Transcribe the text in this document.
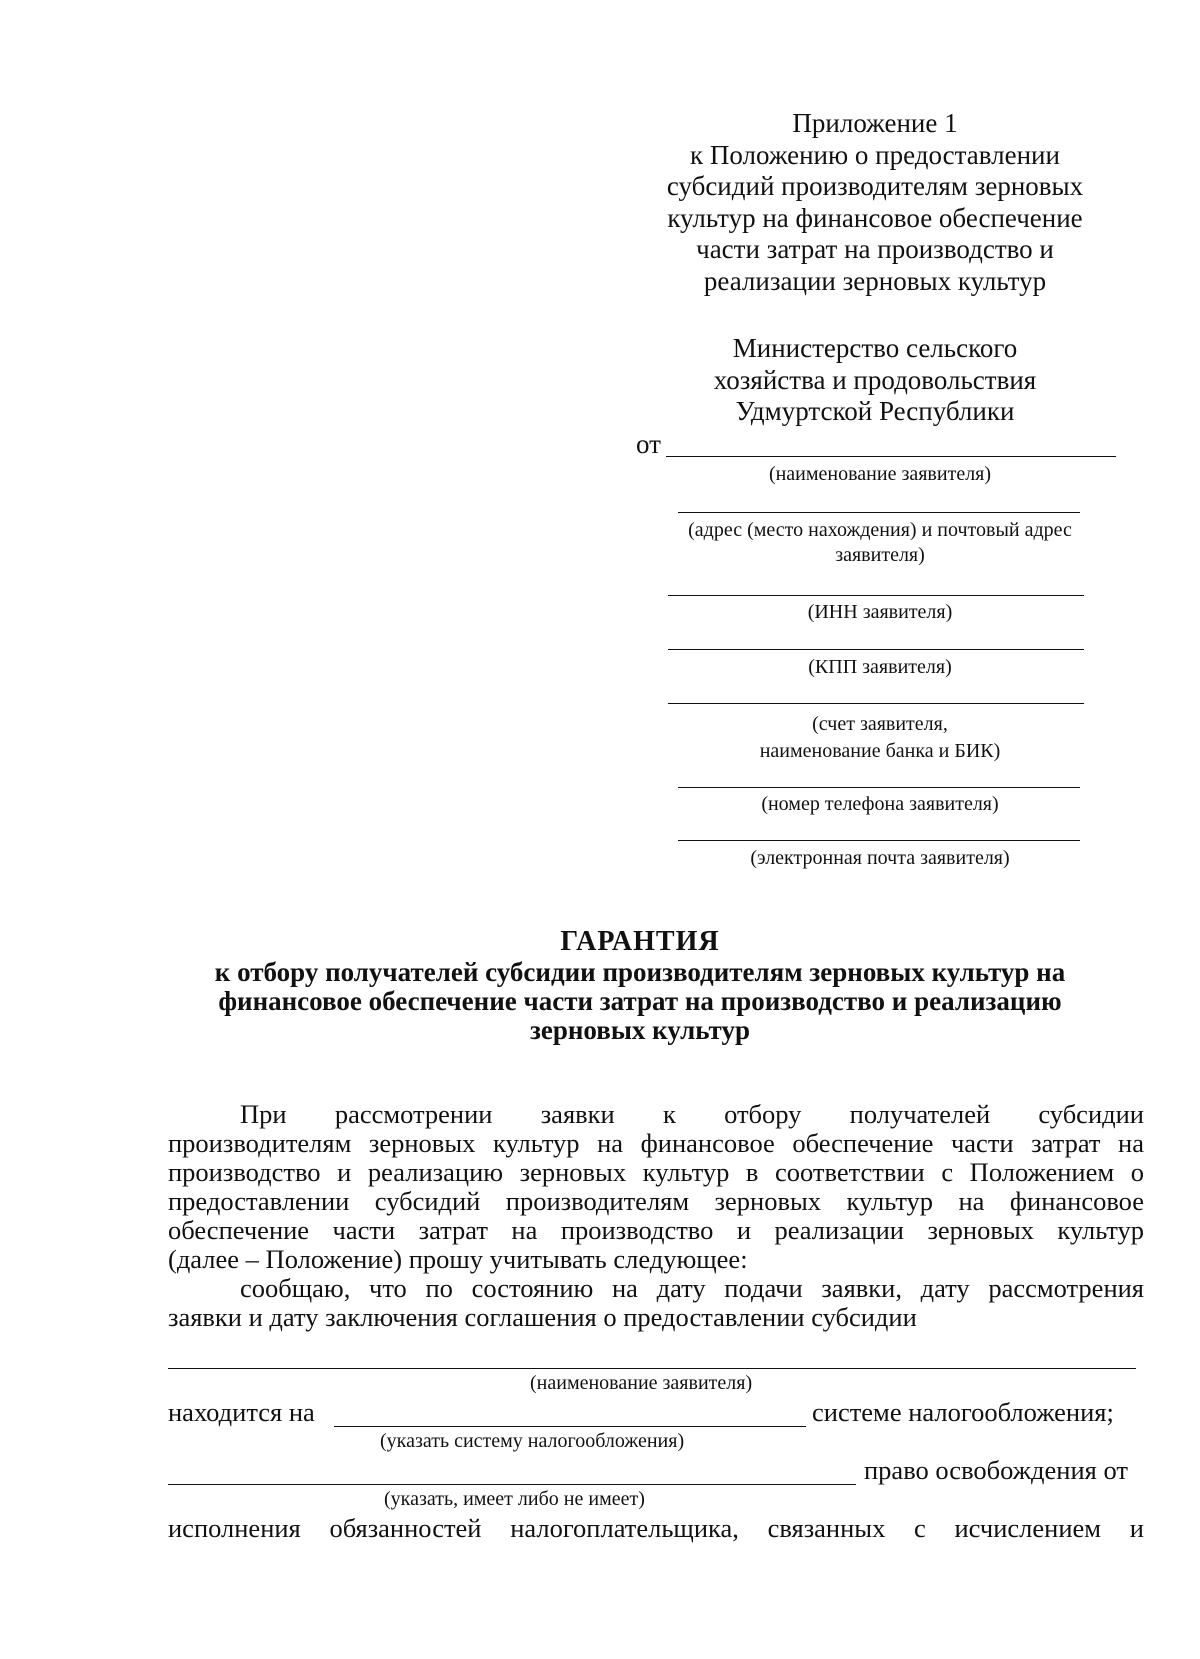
Приложение 1
к Положению о предоставлении
субсидий производителям зерновых
культур на финансовое обеспечение
части затрат на производство и
реализации зерновых культур
Министерство сельского
хозяйства и продовольствия
Удмуртской Республики
от
(наименование заявителя)
(адрес (место нахождения) и почтовый адрес
заявителя)
(ИНН заявителя)
(КПП заявителя)
(счет заявителя,
наименование банка и БИК)
(номер телефона заявителя)
(электронная почта заявителя)
ГАРАНТИЯ
к отбору получателей субсидии производителям зерновых культур на
финансовое обеспечение части затрат на производство и реализацию
зерновых культур
При рассмотрении заявки к отбору получателей субсидии
производителям зерновых культур на финансовое обеспечение части затрат на
производство и реализацию зерновых культур в соответствии с Положением о
предоставлении субсидий производителям зерновых культур на финансовое
обеспечение части затрат на производство и реализации зерновых культур
(далее – Положение) прошу учитывать следующее:
сообщаю, что по состоянию на дату подачи заявки, дату рассмотрения
заявки и дату заключения соглашения о предоставлении субсидии
(наименование заявителя)
находится на	системе налогообложения;
(указать систему налогообложения)
право освобождения от
(указать, имеет либо не имеет)
исполнения обязанностей налогоплательщика, связанных с исчислением и
